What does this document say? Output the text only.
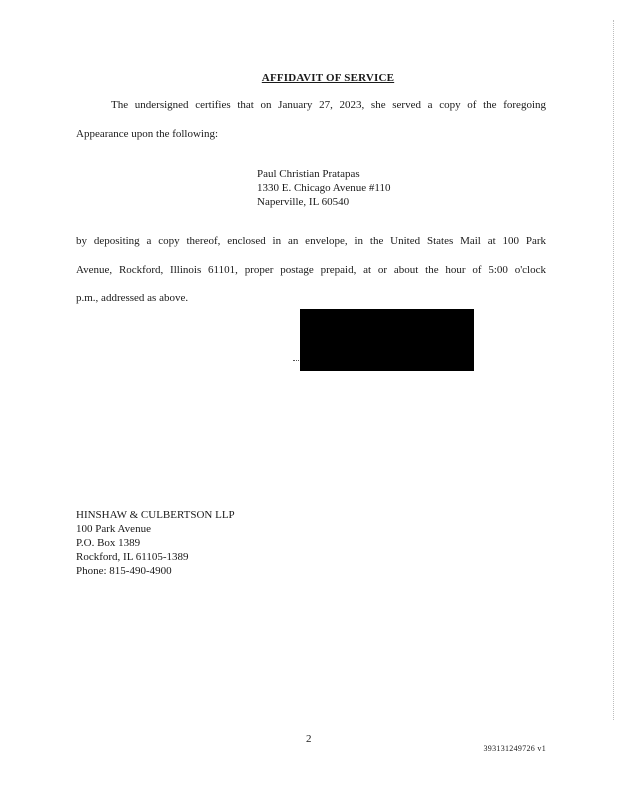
AFFIDAVIT OF SERVICE
The undersigned certifies that on January 27, 2023, she served a copy of the foregoing
Appearance upon the following:
Paul Christian Pratapas
1330 E. Chicago Avenue #110
Naperville, IL 60540
by depositing a copy thereof, enclosed in an envelope, in the United States Mail at 100 Park
Avenue, Rockford, Illinois 61101, proper postage prepaid, at or about the hour of 5:00 o'clock
p.m., addressed as above.
HINSHAW & CULBERTSON LLP
100 Park Avenue
P.O. Box 1389
Rockford, IL 61105-1389
Phone: 815-490-4900
2
393131249726 v1
